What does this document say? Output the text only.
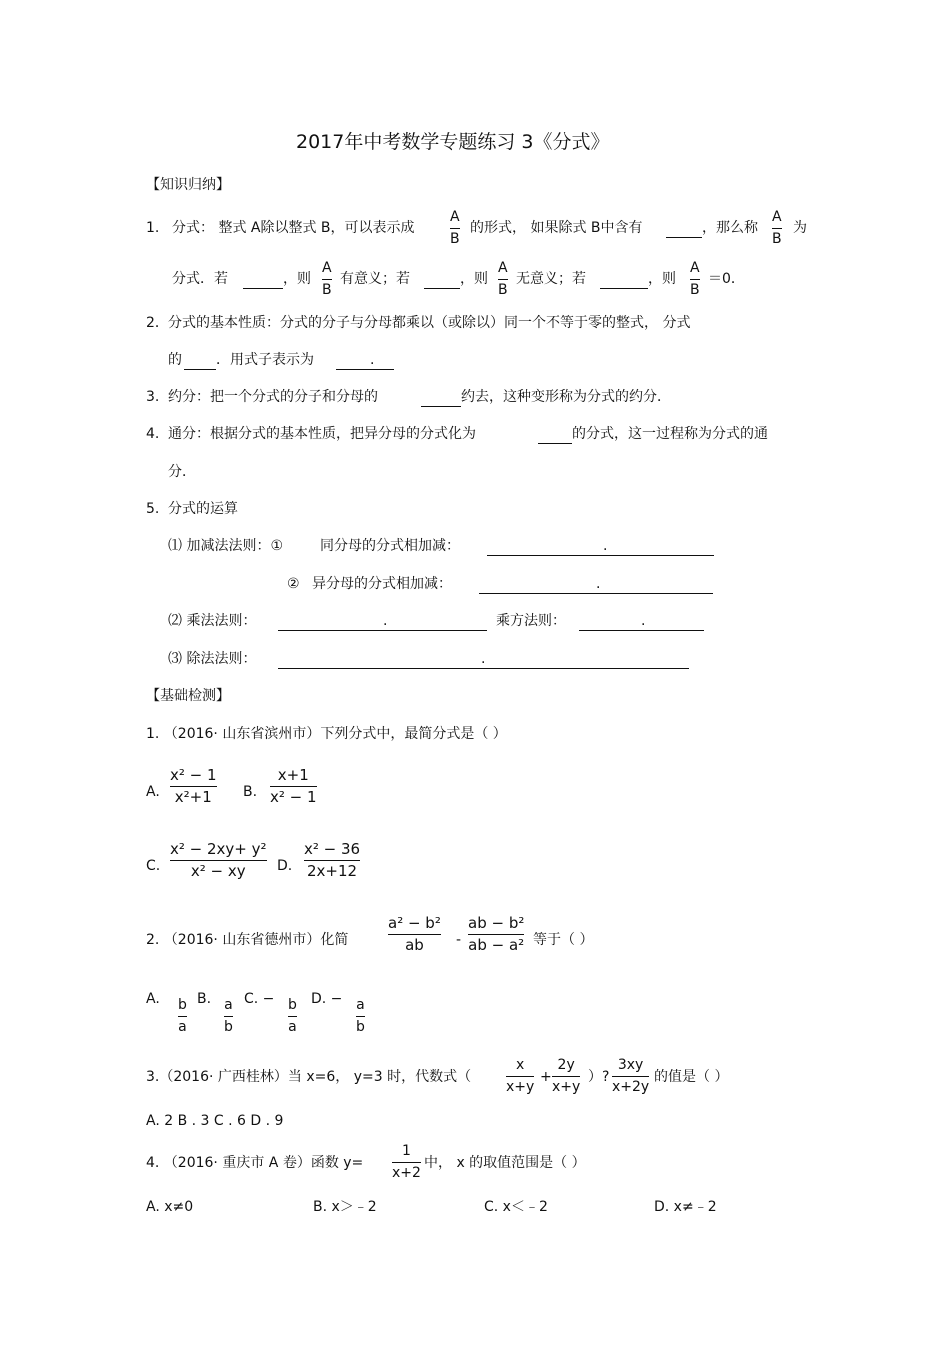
2017年中考数学专题练习 3《分式》
【知识归纳】
1. 分式： 整式 A除以整式 B，可以表示成
A
B
的形式， 如果除式 B中含有	，那么称
A
B
为
分式．若	，则
A
B
有意义；若	，则
A
B
无意义；若	，则
A
B
＝0．
2． 分式的基本性质：分式的分子与分母都乘以（或除以）同一个不等于零的整式， 分式
的 ．用式子表示为	.
3. 约分：把一个分式的分子和分母的	约去，这种变形称为分式的约分．
4. 通分：根据分式的基本性质，把异分母的分式化为	的分式，这一过程称为分式的通
分．
5. 分式的运算
⑴ 加减法法则：①	同分母的分式相加减：	.
② 异分母的分式相加减：	.
⑵ 乘法法则：	.	乘方法则：	.
⑶ 除法法则：	.
【基础检测】
1. （2016· 山东省滨州市）下列分式中，最简分式是（ ）
A.
x² − 1
x²+1 B.
x+1
x² − 1
C.
x² − 2xy+ y²
x² − xy D.
x² − 36
2x+12
2. （2016· 山东省德州市）化简
a² − b²
ab -
ab − b²
ab − a² 等于（ ）
A. b
a
B. a
b
C. − b
a
D. − a
b
3.（2016· 广西桂林）当 x=6， y=3 时，代数式（
x
x+y
+
2y
x+y
）?
3xy
x+2y
的值是（ ）
A. 2 B . 3 C . 6 D . 9
4. （2016· 重庆市 A 卷）函数 y=
1
x+2
中， x 的取值范围是（ ）
A. x≠0	B. x＞﹣2	C. x＜﹣2	D. x≠﹣2
